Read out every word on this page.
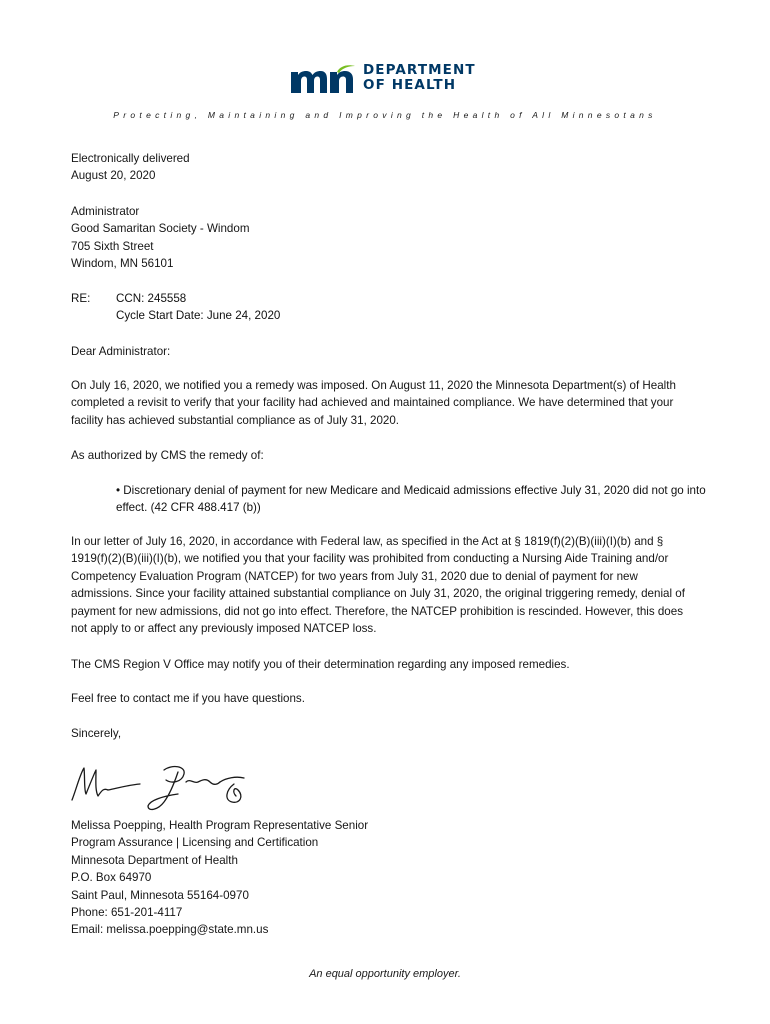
DEPARTMENT
OF HEALTH
Protecting, Maintaining and Improving the Health of All Minnesotans

Electronically delivered

August 20, 2020

Administrator

Good Samaritan Society - Windom

705 Sixth Street

Windom, MN 56101

RE: CCN: 245558
Cycle Start Date: June 24, 2020
Dear Administrator:
On July 16, 2020, we notified you a remedy was imposed. On August 11, 2020 the Minnesota Department(s) of Health completed a revisit to verify that your facility had achieved and maintained compliance. We have determined that your facility has achieved substantial compliance as of July 31, 2020.
As authorized by CMS the remedy of:
• Discretionary denial of payment for new Medicare and Medicaid admissions effective July 31, 2020 did not go into effect. (42 CFR 488.417 (b))
In our letter of July 16, 2020, in accordance with Federal law, as specified in the Act at § 1819(f)(2)(B)(iii)(I)(b) and § 1919(f)(2)(B)(iii)(I)(b), we notified you that your facility was prohibited from conducting a Nursing Aide Training and/or Competency Evaluation Program (NATCEP) for two years from July 31, 2020 due to denial of payment for new admissions. Since your facility attained substantial compliance on July 31, 2020, the original triggering remedy, denial of payment for new admissions, did not go into effect. Therefore, the NATCEP prohibition is rescinded. However, this does not apply to or affect any previously imposed NATCEP loss.
The CMS Region V Office may notify you of their determination regarding any imposed remedies.
Feel free to contact me if you have questions.
Sincerely,

Melissa Poepping, Health Program Representative Senior

Program Assurance | Licensing and Certification

Minnesota Department of Health

P.O. Box 64970

Saint Paul, Minnesota 55164-0970

Phone: 651-201-4117

Email: melissa.poepping@state.mn.us

An equal opportunity employer.
